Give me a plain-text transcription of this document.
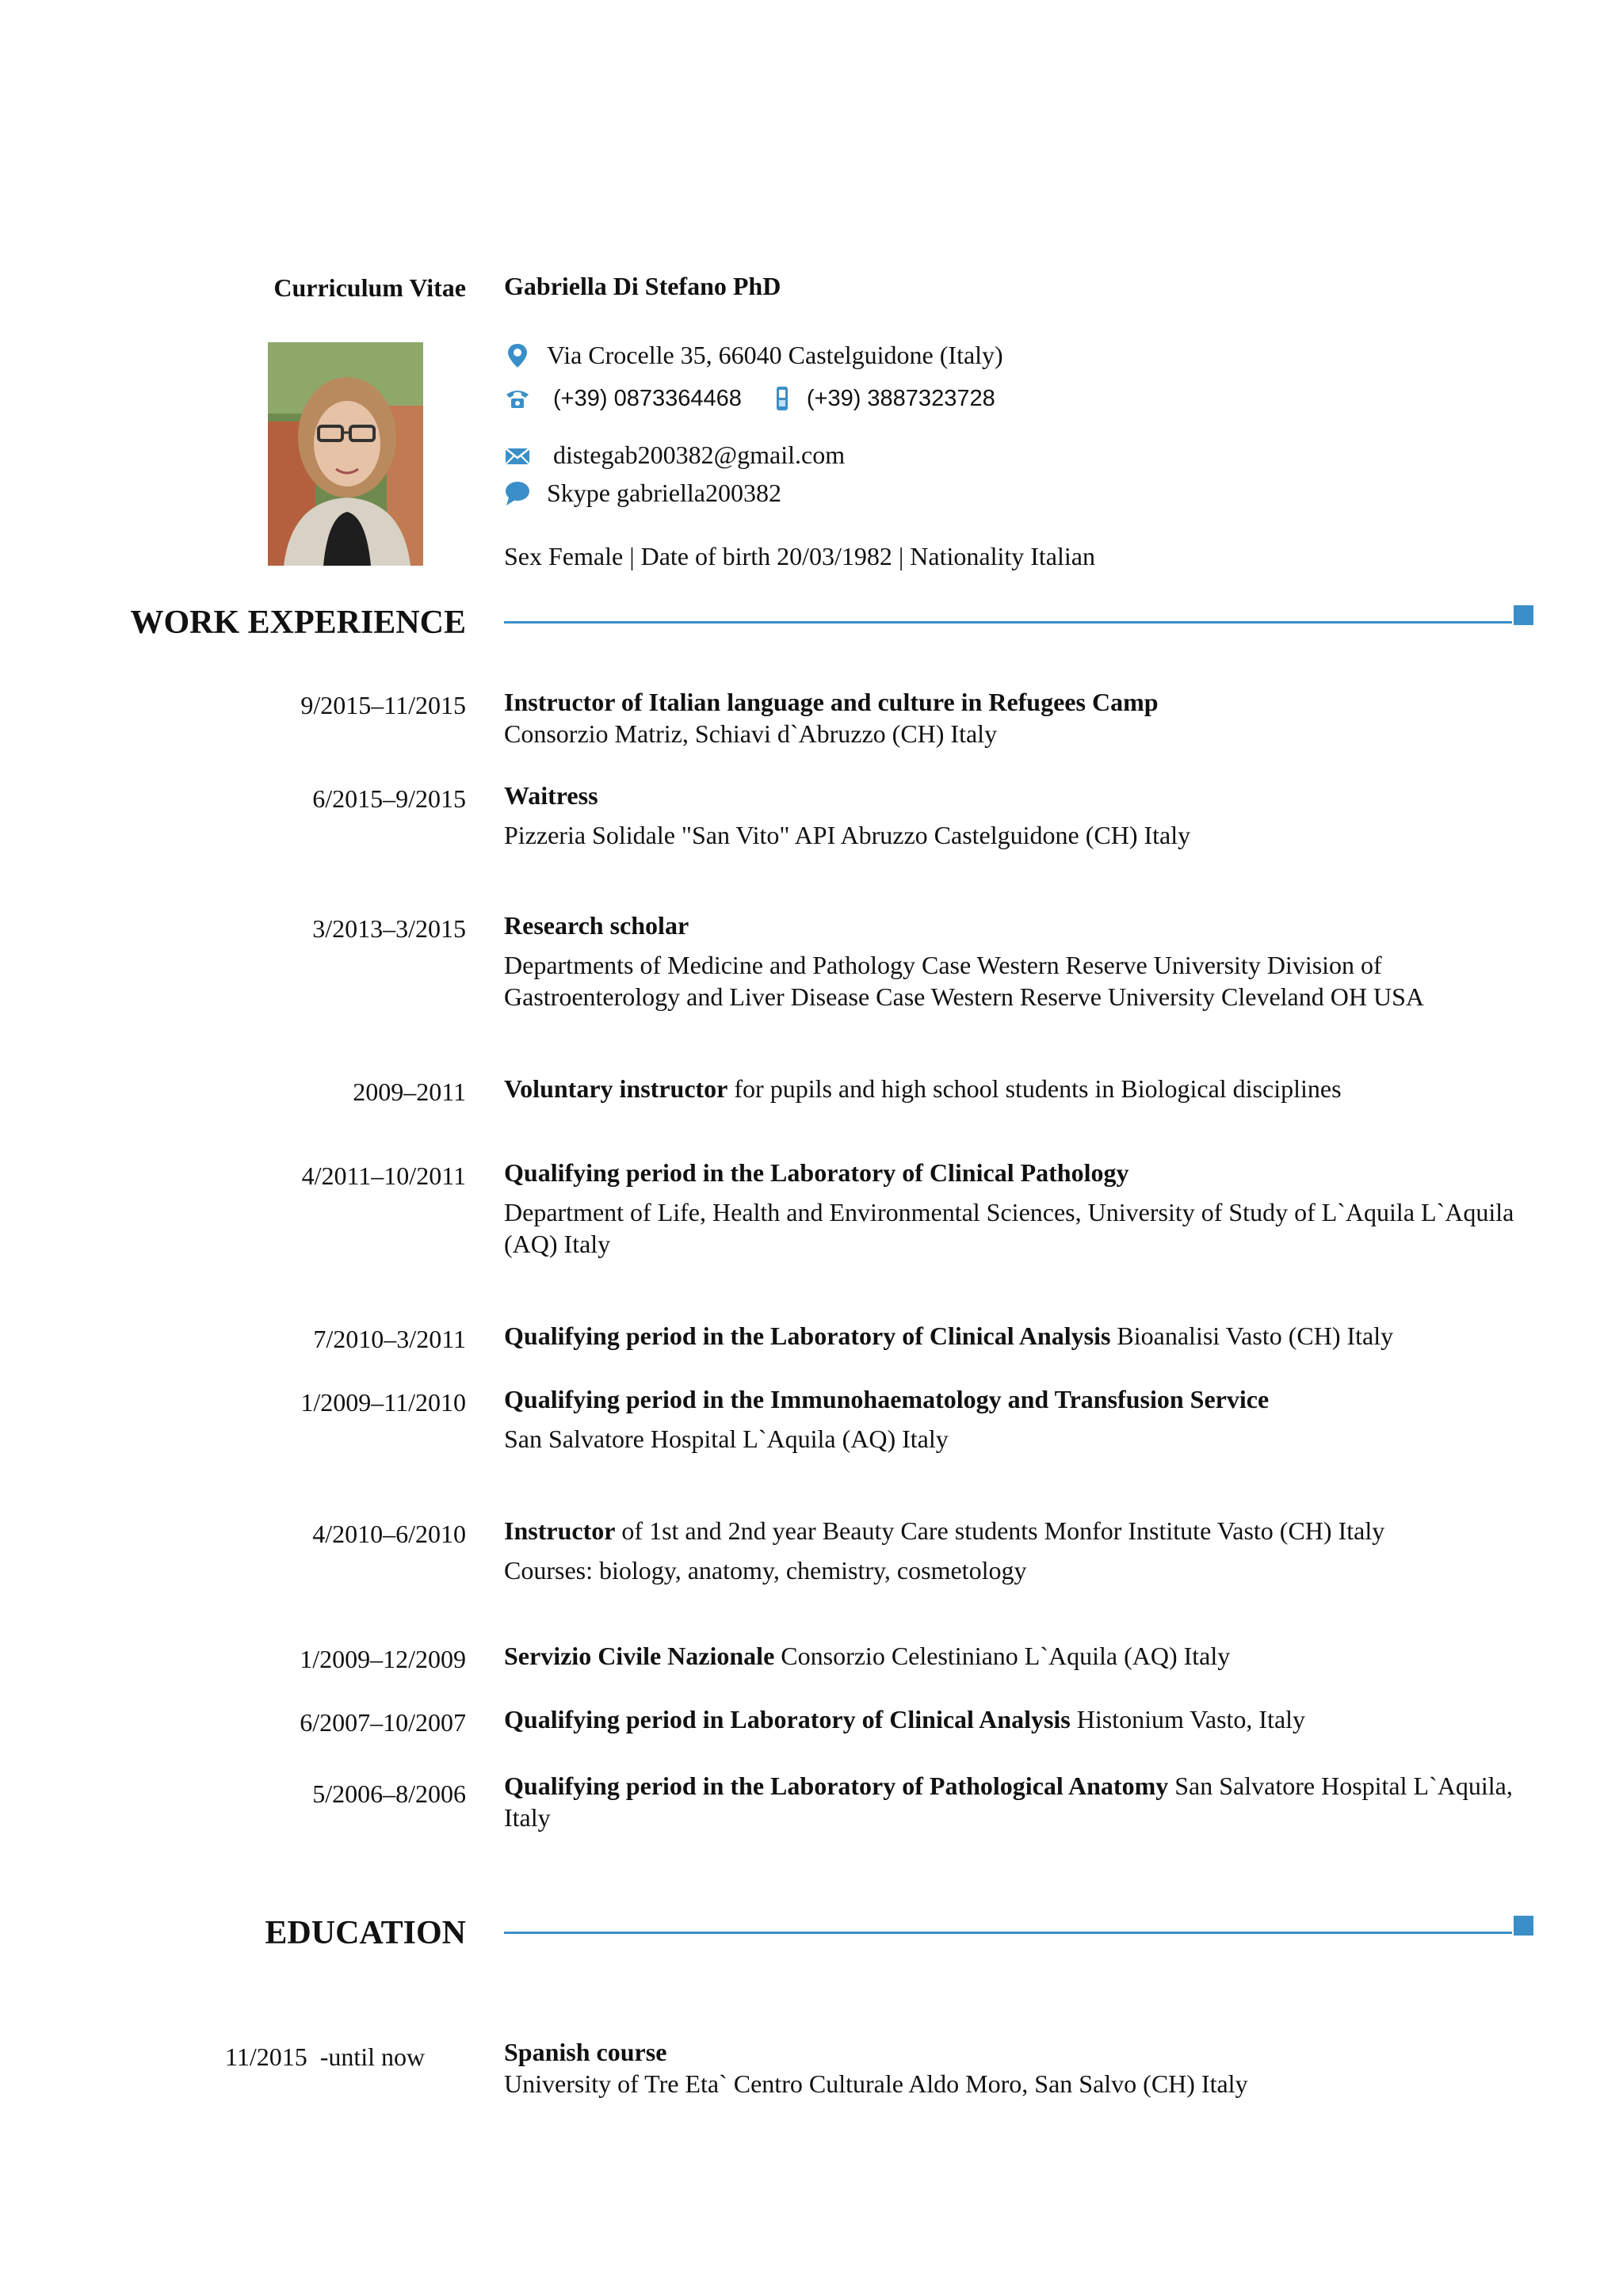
Curriculum Vitae Gabriella Di Stefano PhD
Via Crocelle 35, 66040 Castelguidone (Italy)
(+39) 0873364468	(+39) 3887323728
distegab200382@gmail.com
Skype gabriella200382
Sex Female | Date of birth 20/03/1982 | Nationality Italian
WORK EXPERIENCE
9/2015–11/2015 Instructor of Italian language and culture in Refugees Camp
Consorzio Matriz, Schiavi d`Abruzzo (CH) Italy
6/2015–9/2015 Waitress
Pizzeria Solidale "San Vito" API Abruzzo Castelguidone (CH) Italy
3/2013–3/2015 Research scholar
Departments of Medicine and Pathology Case Western Reserve University Division of Gastroenterology and Liver Disease Case Western Reserve University Cleveland OH USA
2009–2011 Voluntary instructor for pupils and high school students in Biological disciplines
4/2011–10/2011 Qualifying period in the Laboratory of Clinical Pathology
Department of Life, Health and Environmental Sciences, University of Study of L`Aquila L`Aquila (AQ) Italy
7/2010–3/2011 Qualifying period in the Laboratory of Clinical Analysis Bioanalisi Vasto (CH) Italy
1/2009–11/2010 Qualifying period in the Immunohaematology and Transfusion Service
San Salvatore Hospital L`Aquila (AQ) Italy
4/2010–6/2010 Instructor of 1st and 2nd year Beauty Care students Monfor Institute Vasto (CH) Italy
Courses: biology, anatomy, chemistry, cosmetology
1/2009–12/2009 Servizio Civile Nazionale Consorzio Celestiniano L`Aquila (AQ) Italy
6/2007–10/2007 Qualifying period in Laboratory of Clinical Analysis Histonium Vasto, Italy
5/2006–8/2006 Qualifying period in the Laboratory of Pathological Anatomy San Salvatore Hospital L`Aquila, Italy
EDUCATION
11/2015  -until now	Spanish course
University of Tre Eta` Centro Culturale Aldo Moro, San Salvo (CH) Italy
